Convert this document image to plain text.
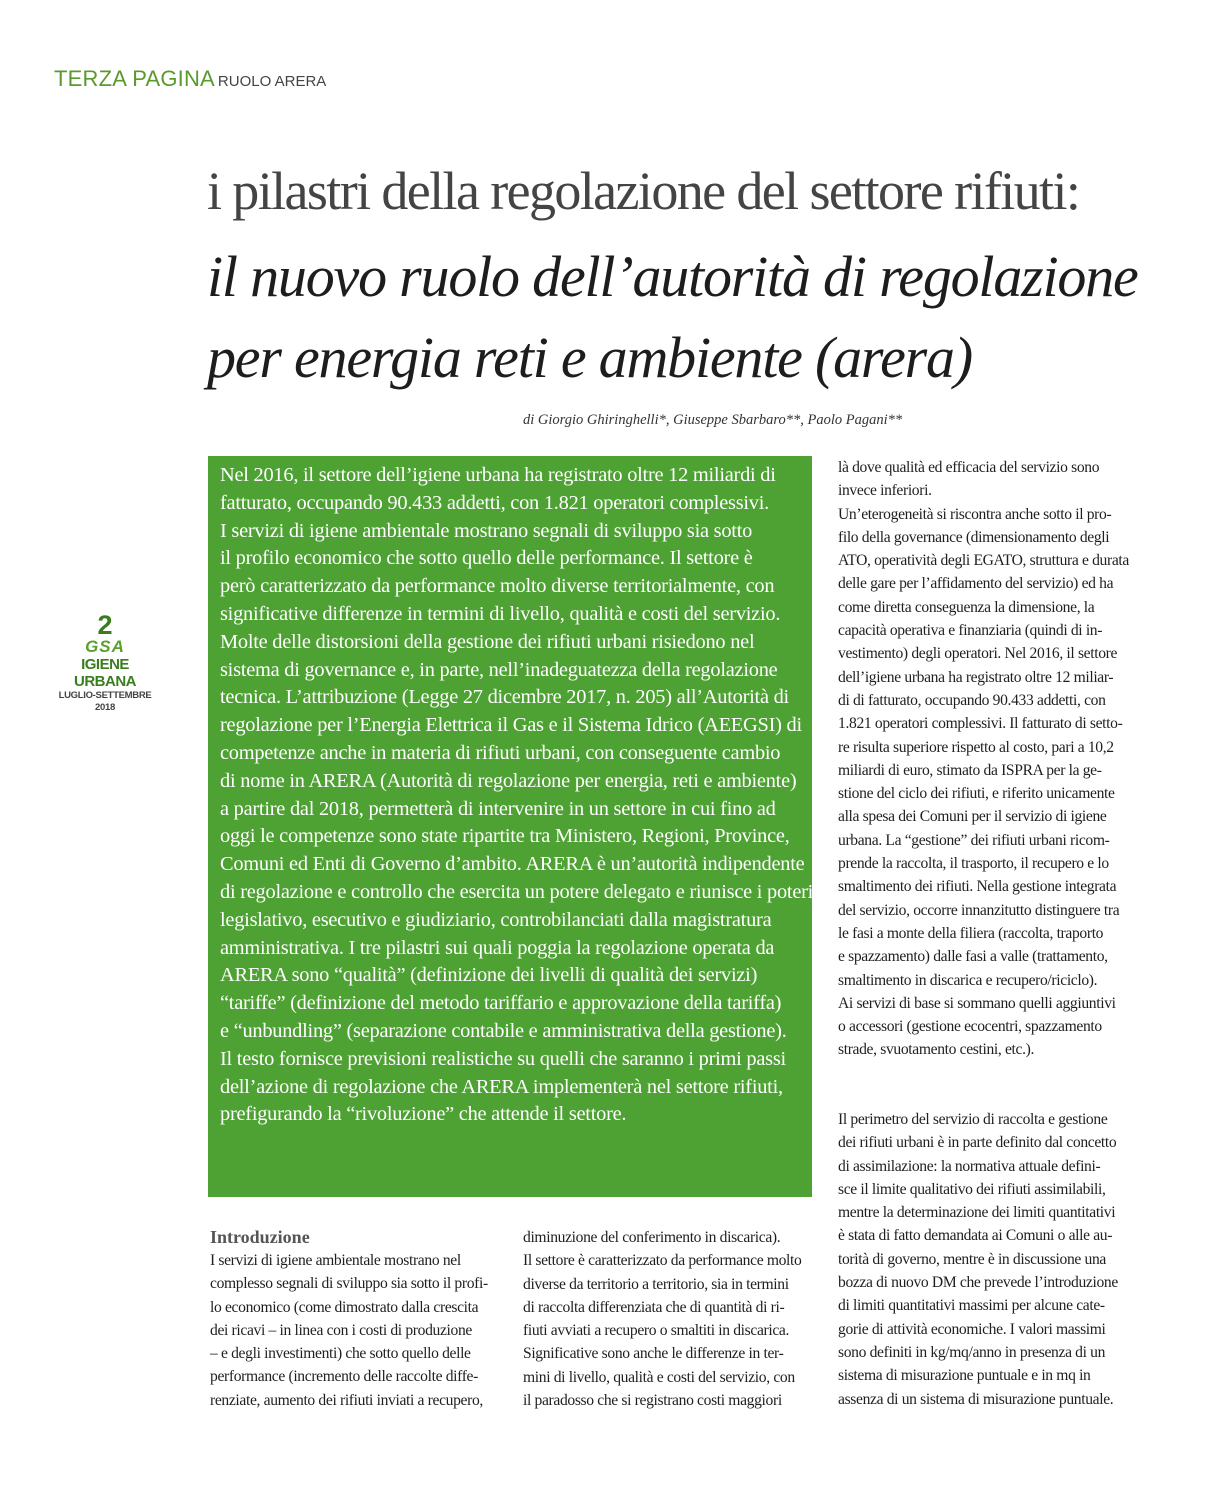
TERZA PAGINA RUOLO ARERA
i pilastri della regolazione del settore rifiuti:
il nuovo ruolo dell’autorità di regolazione
per energia reti e ambiente (arera)
di Giorgio Ghiringhelli*, Giuseppe Sbarbaro**, Paolo Pagani**
2
GSA
IGIENE URBANA
LUGLIO-SETTEMBRE 2018
Nel 2016, il settore dell’igiene urbana ha registrato oltre 12 miliardi di
fatturato, occupando 90.433 addetti, con 1.821 operatori complessivi.
I servizi di igiene ambientale mostrano segnali di sviluppo sia sotto
il profilo economico che sotto quello delle performance. Il settore è
però caratterizzato da performance molto diverse territorialmente, con
significative differenze in termini di livello, qualità e costi del servizio.
Molte delle distorsioni della gestione dei rifiuti urbani risiedono nel
sistema di governance e, in parte, nell’inadeguatezza della regolazione
tecnica. L’attribuzione (Legge 27 dicembre 2017, n. 205) all’Autorità di
regolazione per l’Energia Elettrica il Gas e il Sistema Idrico (AEEGSI) di
competenze anche in materia di rifiuti urbani, con conseguente cambio
di nome in ARERA (Autorità di regolazione per energia, reti e ambiente)
a partire dal 2018, permetterà di intervenire in un settore in cui fino ad
oggi le competenze sono state ripartite tra Ministero, Regioni, Province,
Comuni ed Enti di Governo d’ambito. ARERA è un’autorità indipendente
di regolazione e controllo che esercita un potere delegato e riunisce i poteri
legislativo, esecutivo e giudiziario, controbilanciati dalla magistratura
amministrativa. I tre pilastri sui quali poggia la regolazione operata da
ARERA sono “qualità” (definizione dei livelli di qualità dei servizi)
“tariffe” (definizione del metodo tariffario e approvazione della tariffa)
e “unbundling” (separazione contabile e amministrativa della gestione).
Il testo fornisce previsioni realistiche su quelli che saranno i primi passi
dell’azione di regolazione che ARERA implementerà nel settore rifiuti,
prefigurando la “rivoluzione” che attende il settore.
Introduzione
I servizi di igiene ambientale mostrano nel
complesso segnali di sviluppo sia sotto il profi-
lo economico (come dimostrato dalla crescita
dei ricavi – in linea con i costi di produzione
– e degli investimenti) che sotto quello delle
performance (incremento delle raccolte diffe-
renziate, aumento dei rifiuti inviati a recupero,
diminuzione del conferimento in discarica).
Il settore è caratterizzato da performance molto
diverse da territorio a territorio, sia in termini
di raccolta differenziata che di quantità di ri-
fiuti avviati a recupero o smaltiti in discarica.
Significative sono anche le differenze in ter-
mini di livello, qualità e costi del servizio, con
il paradosso che si registrano costi maggiori
là dove qualità ed efficacia del servizio sono
invece inferiori.
Un’eterogeneità si riscontra anche sotto il pro-
filo della governance (dimensionamento degli
ATO, operatività degli EGATO, struttura e durata
delle gare per l’affidamento del servizio) ed ha
come diretta conseguenza la dimensione, la
capacità operativa e finanziaria (quindi di in-
vestimento) degli operatori. Nel 2016, il settore
dell’igiene urbana ha registrato oltre 12 miliar-
di di fatturato, occupando 90.433 addetti, con
1.821 operatori complessivi. Il fatturato di setto-
re risulta superiore rispetto al costo, pari a 10,2
miliardi di euro, stimato da ISPRA per la ge-
stione del ciclo dei rifiuti, e riferito unicamente
alla spesa dei Comuni per il servizio di igiene
urbana. La “gestione” dei rifiuti urbani ricom-
prende la raccolta, il trasporto, il recupero e lo
smaltimento dei rifiuti. Nella gestione integrata
del servizio, occorre innanzitutto distinguere tra
le fasi a monte della filiera (raccolta, traporto
e spazzamento) dalle fasi a valle (trattamento,
smaltimento in discarica e recupero/riciclo).
Ai servizi di base si sommano quelli aggiuntivi
o accessori (gestione ecocentri, spazzamento
strade, svuotamento cestini, etc.).
Il perimetro del servizio di raccolta e gestione
dei rifiuti urbani è in parte definito dal concetto
di assimilazione: la normativa attuale defini-
sce il limite qualitativo dei rifiuti assimilabili,
mentre la determinazione dei limiti quantitativi
è stata di fatto demandata ai Comuni o alle au-
torità di governo, mentre è in discussione una
bozza di nuovo DM che prevede l’introduzione
di limiti quantitativi massimi per alcune cate-
gorie di attività economiche. I valori massimi
sono definiti in kg/mq/anno in presenza di un
sistema di misurazione puntuale e in mq in
assenza di un sistema di misurazione puntuale.
